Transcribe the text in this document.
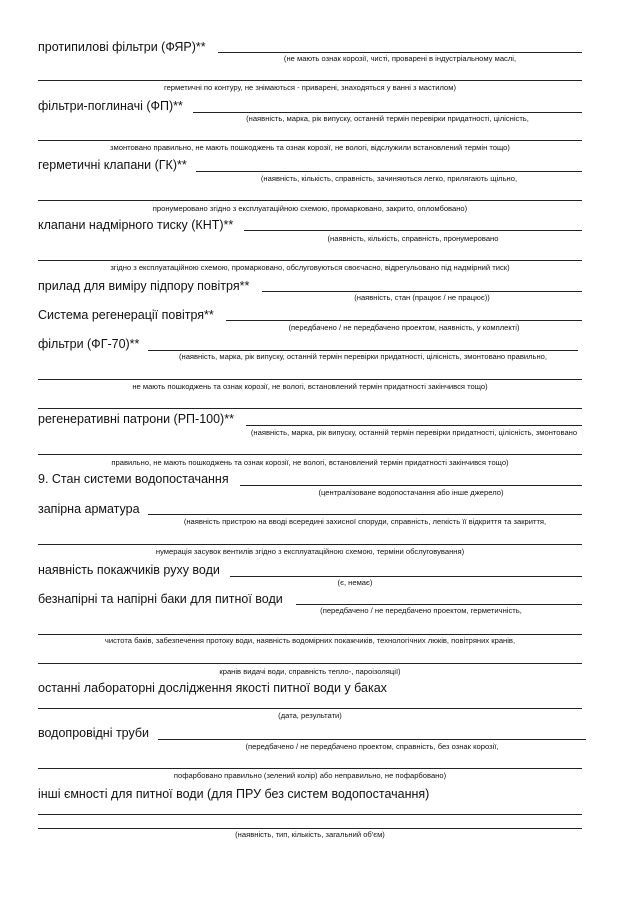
протипилові фільтри (ФЯР)**
(не мають ознак корозії, чисті, проварені в індустріальному маслі,
герметичні по контуру, не знімаються - приварені, знаходяться у ванні з мастилом)
фільтри-поглиначі (ФП)**
(наявність, марка, рік випуску, останній термін перевірки придатності, цілісність,
змонтовано правильно, не мають пошкоджень та ознак корозії, не вологі, відслужили встановлений термін тощо)
герметичні клапани (ГК)**
(наявність, кількість, справність, зачиняються легко, прилягають щільно,
пронумеровано згідно з експлуатаційною схемою, промарковано, закрито, опломбовано)
клапани надмірного тиску (КНТ)**
(наявність, кількість, справність, пронумеровано
згідно з експлуатаційною схемою, промарковано, обслуговуються своєчасно, відрегульовано під надмірний тиск)
прилад для виміру підпору повітря**
(наявність, стан (працює / не працює))
Система регенерації повітря**
(передбачено / не передбачено проектом, наявність, у комплекті)
фільтри (ФГ-70)**
(наявність, марка, рік випуску, останній термін перевірки придатності, цілісність, змонтовано правильно,
не мають пошкоджень та ознак корозії, не вологі, встановлений термін придатності закінчився тощо)
регенеративні патрони (РП-100)**
(наявність, марка, рік випуску, останній термін перевірки придатності, цілісність, змонтовано
правильно, не мають пошкоджень та ознак корозії, не вологі, встановлений термін придатності закінчився тощо)
9. Стан системи водопостачання
(централізоване водопостачання або інше джерело)
запірна арматура
(наявність пристрою на вводі всередині захисної споруди, справність, легкість її відкриття та закриття,
нумерація засувок вентилів згідно з експлуатаційною схемою, терміни обслуговування)
наявність покажчиків руху води
(є, немає)
безнапірні та напірні баки для питної води
(передбачено / не передбачено проектом, герметичність,
чистота баків, забезпечення протоку води, наявність водомірних покажчиків, технологічних люків, повітряних кранів,
кранів видачі води, справність тепло-, пароізоляції)
останні лабораторні дослідження якості питної води у баках
(дата, результати)
водопровідні труби
(передбачено / не передбачено проектом, справність, без ознак корозії,
пофарбовано правильно (зелений колір) або неправильно, не пофарбовано)
інші ємності для питної води (для ПРУ без систем водопостачання)
(наявність, тип, кількість, загальний об'єм)
